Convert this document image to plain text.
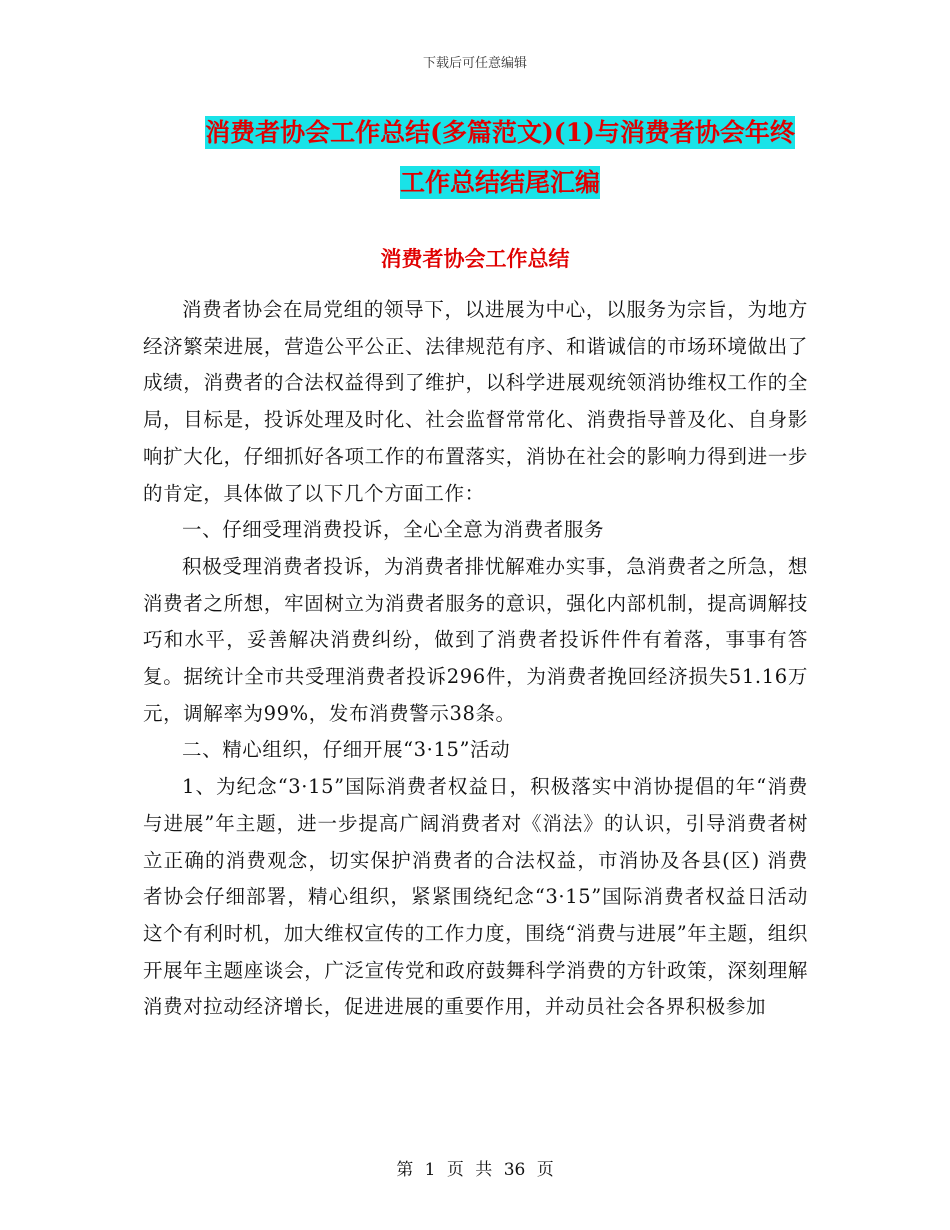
下载后可任意编辑
消费者协会工作总结(多篇范文)(1)与消费者协会年终
工作总结结尾汇编
消费者协会工作总结

消费者协会在局党组的领导下，以进展为中心，以服务为宗旨，为地方经济繁荣进展，营造公平公正、法律规范有序、和谐诚信的市场环境做出了成绩，消费者的合法权益得到了维护，以科学进展观统领消协维权工作的全局，目标是，投诉处理及时化、社会监督常常化、消费指导普及化、自身影响扩大化，仔细抓好各项工作的布置落实，消协在社会的影响力得到进一步的肯定，具体做了以下几个方面工作：

一、仔细受理消费投诉，全心全意为消费者服务

积极受理消费者投诉，为消费者排忧解难办实事，急消费者之所急，想消费者之所想，牢固树立为消费者服务的意识，强化内部机制，提高调解技巧和水平，妥善解决消费纠纷，做到了消费者投诉件件有着落，事事有答复。据统计全市共受理消费者投诉296件，为消费者挽回经济损失51.16万元，调解率为99%，发布消费警示38条。

二、精心组织，仔细开展“3·15”活动

1、为纪念“3·15”国际消费者权益日，积极落实中消协提倡的年“消费与进展”年主题，进一步提高广阔消费者对《消法》的认识，引导消费者树立正确的消费观念，切实保护消费者的合法权益，市消协及各县(区) 消费者协会仔细部署，精心组织，紧紧围绕纪念“3·15”国际消费者权益日活动这个有利时机，加大维权宣传的工作力度，围绕“消费与进展”年主题，组织开展年主题座谈会，广泛宣传党和政府鼓舞科学消费的方针政策，深刻理解消费对拉动经济增长，促进进展的重要作用，并动员社会各界积极参加

第 1 页 共 36 页
